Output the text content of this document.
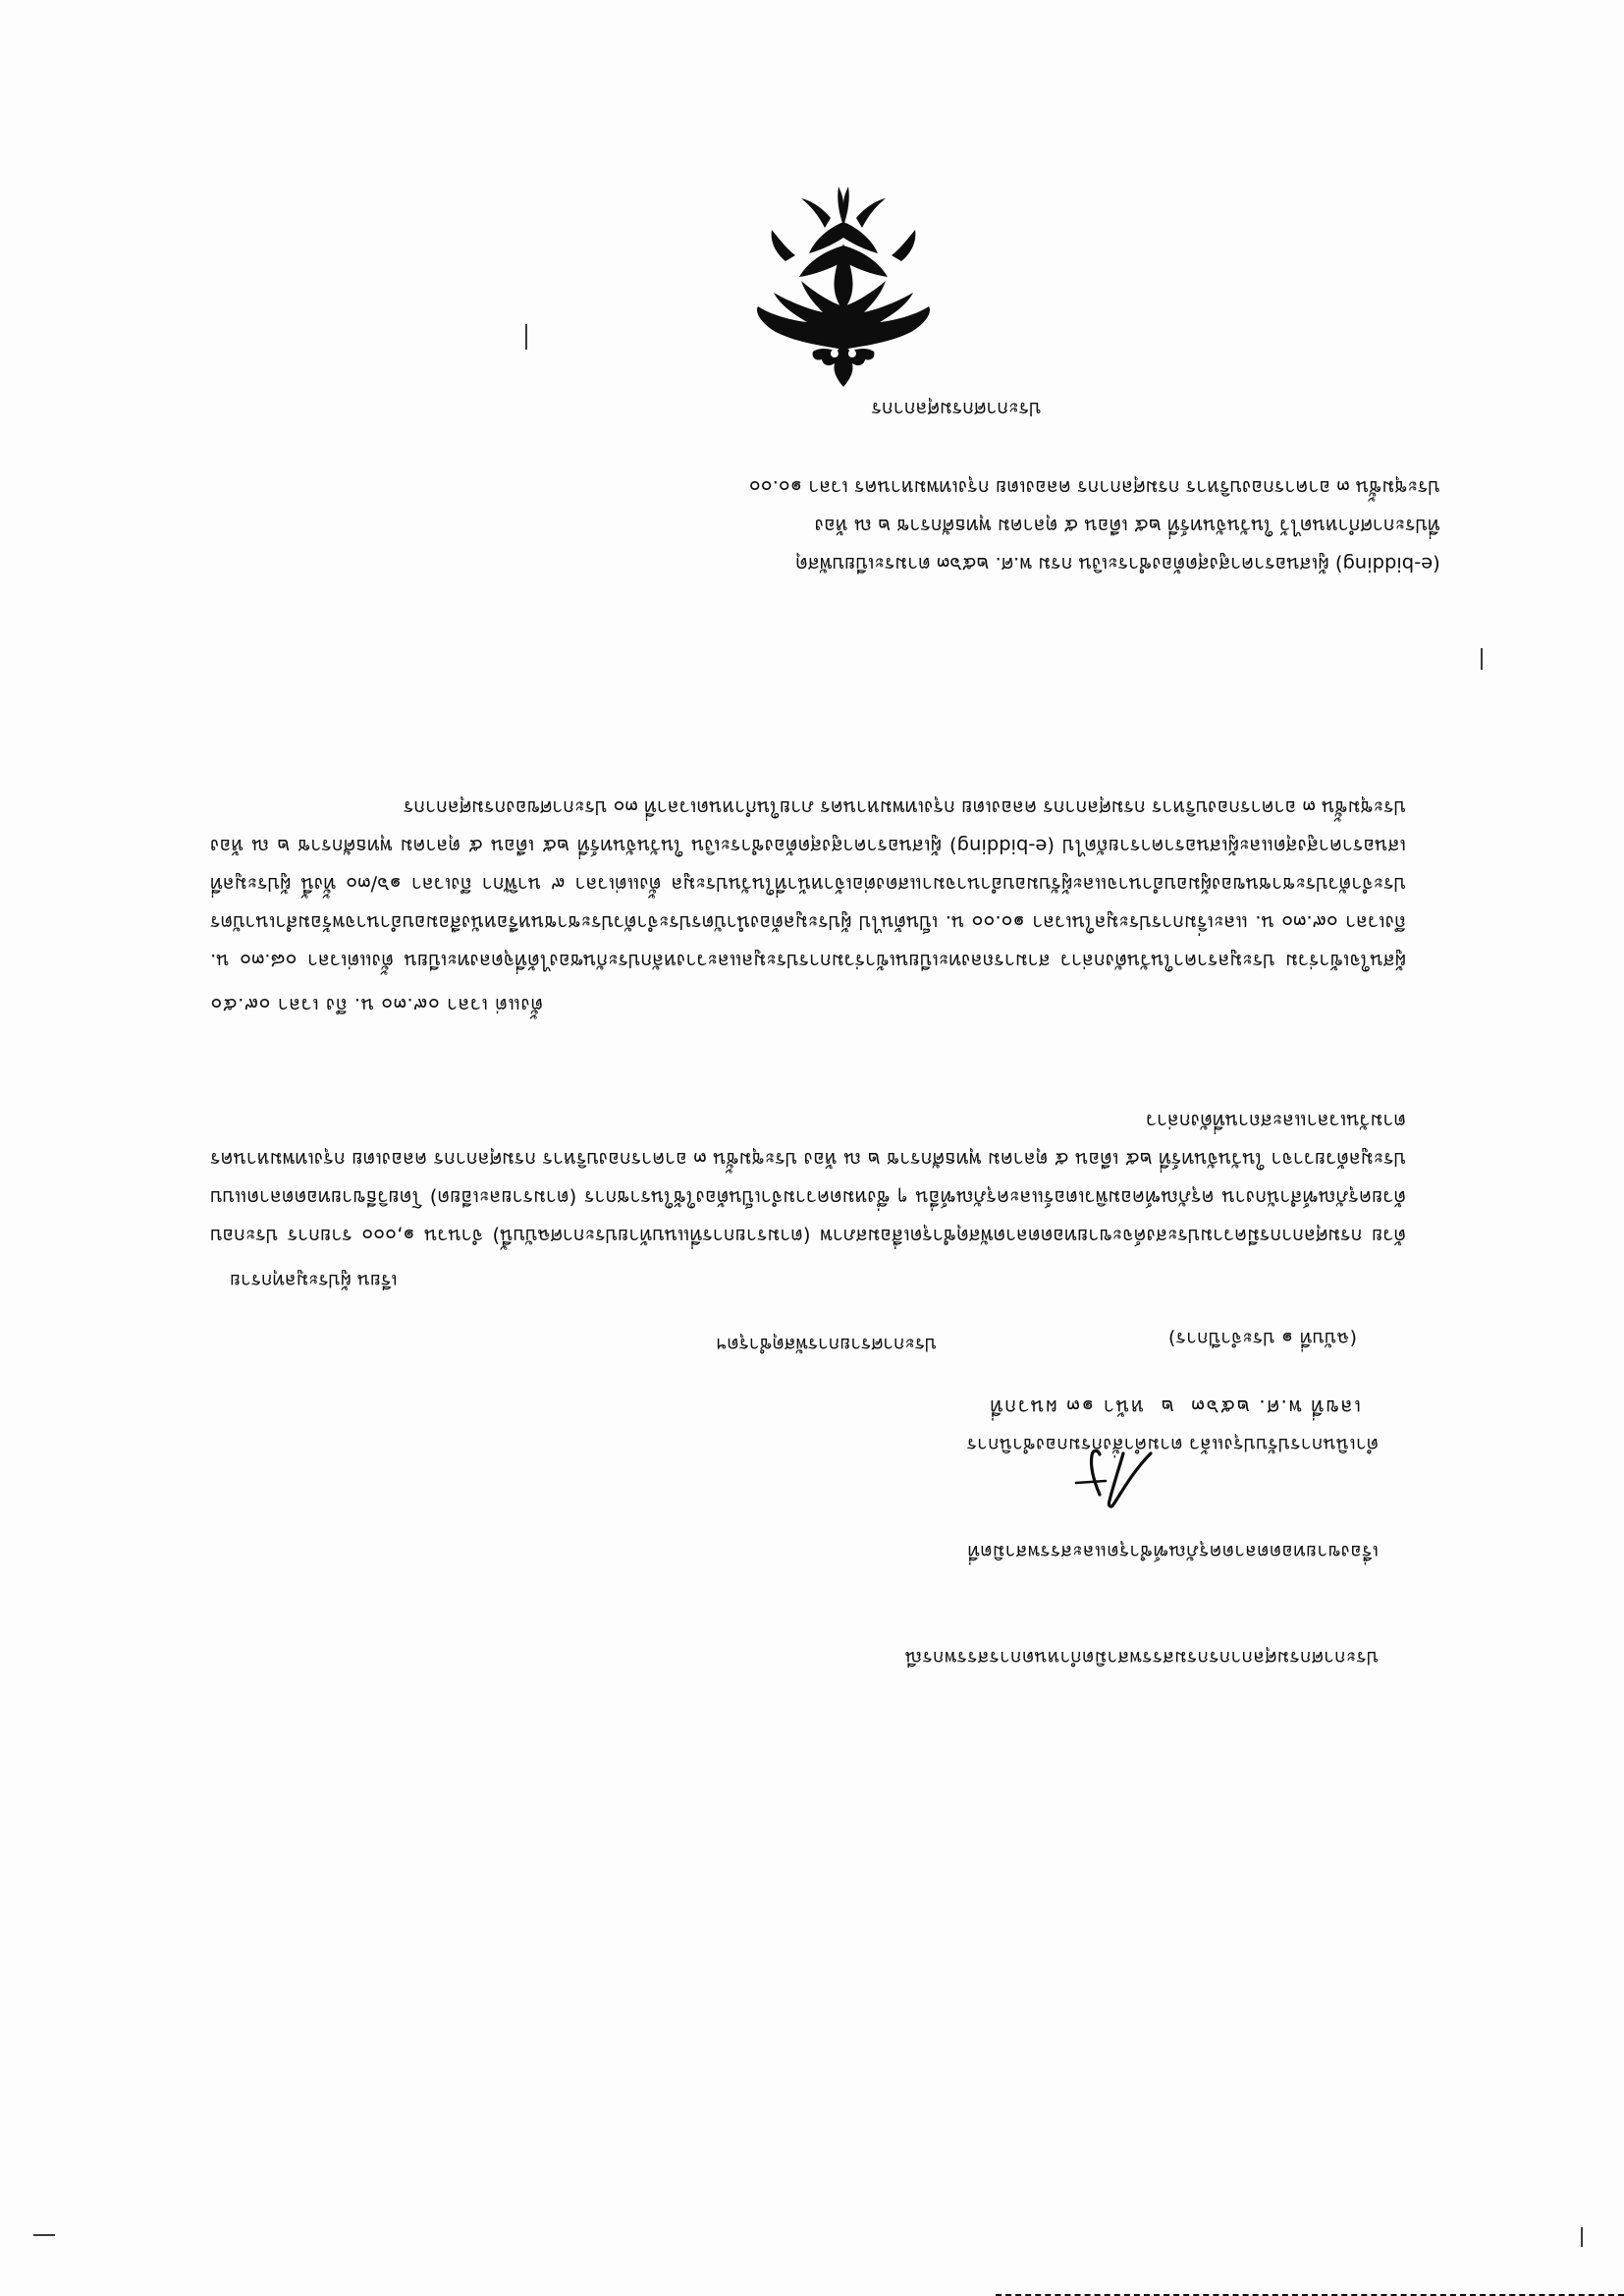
ประกาศกรมศุลกากรกรมสรรพสามิตกำหนดการสรรพกรณี

เรื่องขายทอดตลาดครุภัณฑ์ชำรุดและสรรพสามิตที่

ดำเนินการปรับปรุงแล้ว ตามคำสั่งกรมกองชำนิการ

(ฉบับที่ ๑ ประจำปีการ)

เลขที่ พ.ศ. ๒๕๖๓  ๒  หน้า ๑๓ ผนวกที่
ประกาศรายการพัสดุชำรุดฯ
เรียน ผู้ประมูลทุกราย
ด้วย กรมศุลกากรมีความประสงค์จะขายทอดตลาดพัสดุชำรุดเสื่อมสภาพ (ตามรายการที่แนบท้ายประกาศฉบับนี้) จำนวน ๑,๐๐๐ รายการ ประกอบด้วยครุภัณฑ์สำนักงาน ครุภัณฑ์คอมพิวเตอร์และครุภัณฑ์อื่น ๆ ซึ่งหมดความจำเป็นต้องใช้ในราชการ (ตามรายละเอียด) โดยวิธีขายทอดตลาดแบบประมูลด้วยวาจา ในวันจันทร์ที่ ๒๕ เดือน ๕ ตุลาคม พุทธศักราช ๒ ณ ห้อง ประชุมชั้น ๓ อาคารกองบริหาร กรมศุลกากร คลองเตย กรุงเทพมหานคร ตามวันเวลาและสถานที่ดังกล่าว
ตั้งแต่ เวลา ๐๙.๓๐ น. ถึง เวลา ๐๙.๕๐
ผู้สนใจเข้าร่วม ประมูลราคาในวันดังกล่าว สามารถลงทะเบียนเข้าร่วมการประมูลและวางหลักประกันซองได้ที่จุดลงทะเบียน ตั้งแต่เวลา ๐๘.๓๐ น. ถึงเวลา ๐๙.๓๐ น. และเริ่มการประมูลในเวลา ๑๐.๐๐ น. เป็นต้นไป ผู้ประมูลต้องนำบัตรประจำตัวประชาชนหรือหนังสือมอบอำนาจพร้อมสำเนาบัตรประจำตัวประชาชนของผู้มอบอำนาจและผู้รับมอบอำนาจมาแสดงต่อเจ้าหน้าที่ในวันประมูล ตั้งแต่เวลา ๙ นาฬิกา ถึงเวลา ๑๖/๓๐ ทั้งนี้ ผู้ประมูลที่เสนอราคาสูงสุดและผู้เสนอราคารายถัดไป (e-bidding) ผู้เสนอราคาสูงสุดต้องชำระเงิน ในวันจันทร์ที่ ๒๕ เดือน ๕ ตุลาคม พุทธศักราช ๒ ณ ห้อง ประชุมชั้น ๓ อาคารกองบริหาร กรมศุลกากร คลองเตย กรุงเทพมหานคร ภายในกำหนดเวลาที่ ๓๐ ประกาศของกรมศุลกากร

(e-bidding) ผู้เสนอราคาสูงสุดต้องชำระเงิน กรม พ.ศ. ๒๕๖๓ ตามระเบียบพัสดุ
ที่ประกาศกำหนดไว้ ในวันจันทร์ที่ ๒๕ เดือน ๕ ตุลาคม พุทธศักราช ๒ ณ ห้อง
ประชุมชั้น ๓ อาคารกองบริหาร กรมศุลกากร คลองเตย กรุงเทพมหานคร เวลา ๑๐.๐๐

ประกาศกรมศุลกากร
